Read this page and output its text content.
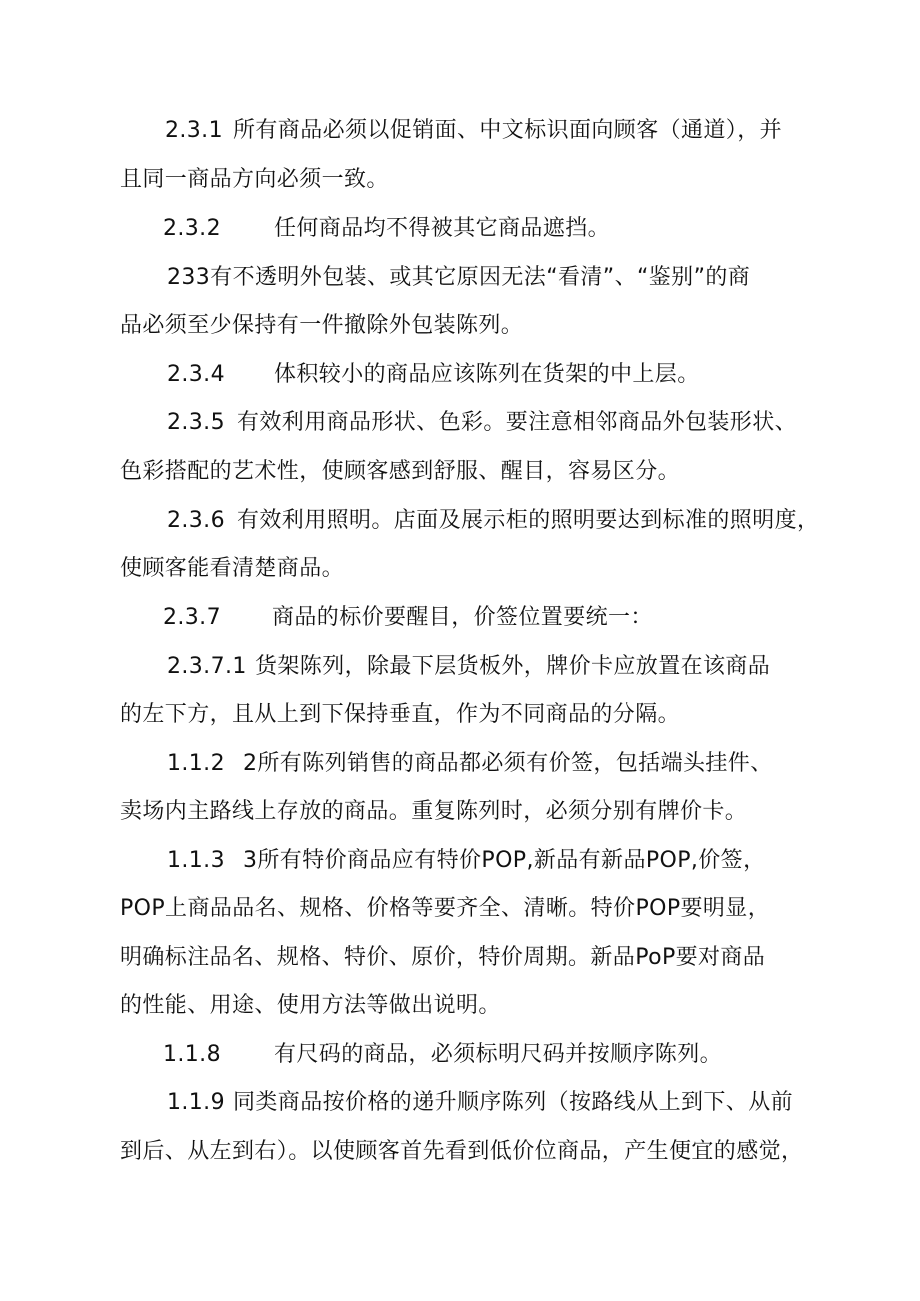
2.3.1 所有商品必须以促销面、中文标识面向顾客（通道），并
且同一商品方向必须一致。
2.3.2 任何商品均不得被其它商品遮挡。
233有不透明外包装、或其它原因无法“看清”、“鉴别”的商
品必须至少保持有一件撤除外包装陈列。
2.3.4 体积较小的商品应该陈列在货架的中上层。
2.3.5 有效利用商品形状、色彩。要注意相邻商品外包装形状、
色彩搭配的艺术性，使顾客感到舒服、醒目，容易区分。
2.3.6 有效利用照明。店面及展示柜的照明要达到标准的照明度，
使顾客能看清楚商品。
2.3.7 商品的标价要醒目，价签位置要统一：
2.3.7.1 货架陈列，除最下层货板外，牌价卡应放置在该商品
的左下方，且从上到下保持垂直，作为不同商品的分隔。
1.1.2 2所有陈列销售的商品都必须有价签，包括端头挂件、
卖场内主路线上存放的商品。重复陈列时，必须分别有牌价卡。
1.1.3 3所有特价商品应有特价POP,新品有新品POP,价签，
POP上商品品名、规格、价格等要齐全、清晰。特价POP要明显，
明确标注品名、规格、特价、原价，特价周期。新品PoP要对商品
的性能、用途、使用方法等做出说明。
1.1.8 有尺码的商品，必须标明尺码并按顺序陈列。
1.1.9 同类商品按价格的递升顺序陈列（按路线从上到下、从前
到后、从左到右）。以使顾客首先看到低价位商品，产生便宜的感觉，
